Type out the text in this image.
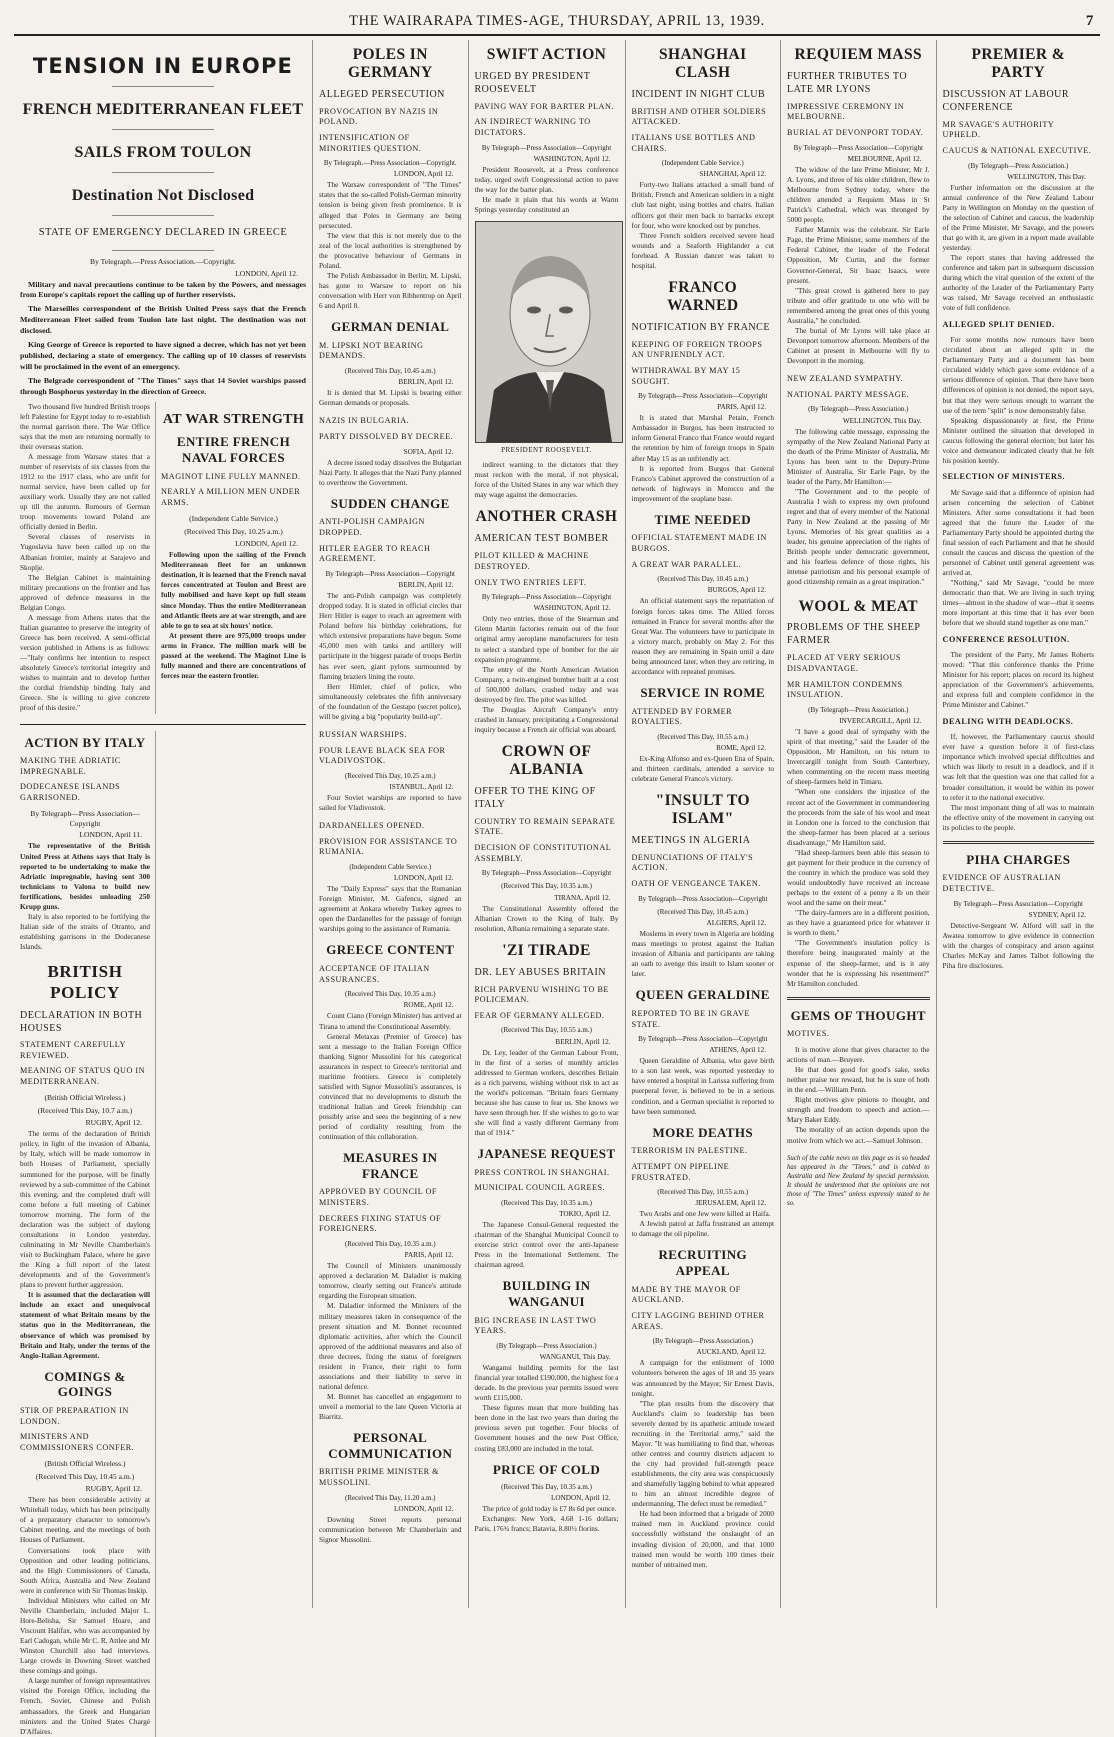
THE WAIRARAPA TIMES-AGE, THURSDAY, APRIL 13, 1939.	7
TENSION IN EUROPE
FRENCH MEDITERRANEAN FLEET
SAILS FROM TOULON
Destination Not Disclosed
STATE OF EMERGENCY DECLARED IN GREECE
By Telegraph.—Press Association.—Copyright.
LONDON, April 12.

Military and naval precautions continue to be taken by the Powers, and messages from Europe's capitals report the calling up of further reservists.

The Marseilles correspondent of the British United Press says that the French Mediterranean Fleet sailed from Toulon late last night. The destination was not disclosed.

King George of Greece is reported to have signed a decree, which has not yet been published, declaring a state of emergency. The calling up of 10 classes of reservists will be proclaimed in the event of an emergency.

The Belgrade correspondent of "The Times" says that 14 Soviet warships passed through Bosphorus yesterday in the direction of Greece.

Two thousand five hundred British troops left Palestine for Egypt today to re-establish the normal garrison there. The War Office says that the men are returning normally to their overseas station.

A message from Warsaw states that a number of reservists of six classes from the 1912 to the 1917 class, who are unfit for normal service, have been called up for auxiliary work. Usually they are not called up till the autumn. Rumours of German troop movements toward Poland are officially denied in Berlin.

Several classes of reservists in Yugoslavia have been called up on the Albanian frontier, mainly at Sarajevo and Skoplje.

The Belgian Cabinet is maintaining military precautions on the frontier and has approved of defence measures in the Belgian Congo.

A message from Athens states that the Italian guarantee to preserve the integrity of Greece has been received. A semi-official version published in Athens is as follows:—"Italy confirms her intention to respect absolutely Greece's territorial integrity and wishes to maintain and to develop further the cordial friendship binding Italy and Greece. She is willing to give concrete proof of this desire."

AT WAR STRENGTH
ENTIRE FRENCH NAVAL FORCES
MAGINOT LINE FULLY MANNED.
NEARLY A MILLION MEN UNDER ARMS.
(Independent Cable Service.)
(Received This Day, 10.25 a.m.)
LONDON, April 12.

Following upon the sailing of the French Mediterranean fleet for an unknown destination, it is learned that the French naval forces concentrated at Toulon and Brest are fully mobilised and have kept up full steam since Monday. Thus the entire Mediterranean and Atlantic fleets are at war strength, and are able to go to sea at six hours' notice.

At present there are 975,000 troops under arms in France. The million mark will be passed at the weekend. The Maginot Line is fully manned and there are concentrations of forces near the eastern frontier.

ACTION BY ITALY
MAKING THE ADRIATIC IMPREGNABLE.
DODECANESE ISLANDS GARRISONED.
By Telegraph—Press Association—Copyright
LONDON, April 11.

The representative of the British United Press at Athens says that Italy is reported to be undertaking to make the Adriatic impregnable, having sent 300 technicians to Valona to build new fortifications, besides unloading 250 Krupp guns.

Italy is also reported to be fortifying the Italian side of the straits of Otranto, and establishing garrisons in the Dodecanese Islands.

BRITISH POLICY
DECLARATION IN BOTH HOUSES
STATEMENT CAREFULLY REVIEWED.
MEANING OF STATUS QUO IN MEDITERRANEAN.
(British Official Wireless.)
(Received This Day, 10.7 a.m.)
RUGBY, April 12.

The terms of the declaration of British policy, in light of the invasion of Albania, by Italy, which will be made tomorrow in both Houses of Parliament, specially summoned for the purpose, will be finally reviewed by a sub-committee of the Cabinet this evening, and the completed draft will come before a full meeting of Cabinet tomorrow morning. The form of the declaration was the subject of daylong consultations in London yesterday, culminating in Mr Neville Chamberlain's visit to Buckingham Palace, where he gave the King a full report of the latest developments and of the Government's plans to prevent further aggression.

It is assumed that the declaration will include an exact and unequivocal statement of what Britain means by the status quo in the Mediterranean, the observance of which was promised by Britain and Italy, under the terms of the Anglo-Italian Agreement.

COMINGS & GOINGS
STIR OF PREPARATION IN LONDON.
MINISTERS AND COMMISSIONERS CONFER.
(British Official Wireless.)
(Received This Day, 10.45 a.m.)
RUGBY, April 12.

There has been considerable activity at Whitehall today, which has been principally of a preparatory character to tomorrow's Cabinet meeting, and the meetings of both Houses of Parliament.

Conversations took place with Opposition and other leading politicians, and the High Commissioners of Canada, South Africa, Australia and New Zealand were in conference with Sir Thomas Inskip.

Individual Ministers who called on Mr Neville Chamberlain, included Major L. Hore-Belisha, Sir Samuel Hoare, and Viscount Halifax, who was accompanied by Earl Cadogan, while Mr C. R. Attlee and Mr Winston Churchill also had interviews. Large crowds in Downing Street watched these comings and goings.

A large number of foreign representatives visited the Foreign Office, including the French, Soviet, Chinese and Polish ambassadors, the Greek and Hungarian ministers and the United States Chargé D'Affaires.

POLES IN GERMANY
ALLEGED PERSECUTION
PROVOCATION BY NAZIS IN POLAND.
INTENSIFICATION OF MINORITIES QUESTION.
By Telegraph.—Press Association—Copyright.
LONDON, April 12.

The Warsaw correspondent of "The Times" states that the so-called Polish-German minority tension is being given fresh prominence. It is alleged that Poles in Germany are being persecuted.

The view that this is not merely due to the zeal of the local authorities is strengthened by the provocative behaviour of Germans in Poland.

The Polish Ambassador in Berlin, M. Lipski, has gone to Warsaw to report on his conversation with Herr von Ribbentrop on April 6 and April 8.

GERMAN DENIAL
M. LIPSKI NOT BEARING DEMANDS.
(Received This Day, 10.45 a.m.)
BERLIN, April 12.

It is denied that M. Lipski is bearing either German demands or proposals.

NAZIS IN BULGARIA.
PARTY DISSOLVED BY DECREE.
SOFIA, April 12.

A decree issued today dissolves the Bulgarian Nazi Party. It alleges that the Nazi Party planned to overthrow the Government.

SUDDEN CHANGE
ANTI-POLISH CAMPAIGN DROPPED.
HITLER EAGER TO REACH AGREEMENT.
By Telegraph—Press Association—Copyright
BERLIN, April 12.

The anti-Polish campaign was completely dropped today. It is stated in official circles that Herr Hitler is eager to reach an agreement with Poland before his birthday celebrations, for which extensive preparations have begun. Some 45,000 men with tanks and artillery will participate in the biggest parade of troops Berlin has ever seen, giant pylons surmounted by flaming braziers lining the route.

Herr Himler, chief of police, who simultaneously celebrates the fifth anniversary of the foundation of the Gestapo (secret police), will be giving a big "popularity build-up".

RUSSIAN WARSHIPS.
FOUR LEAVE BLACK SEA FOR VLADIVOSTOK.
(Received This Day, 10.25 a.m.)
ISTANBUL, April 12.

Four Soviet warships are reported to have sailed for Vladivostok.

DARDANELLES OPENED.
PROVISION FOR ASSISTANCE TO RUMANIA.
(Independent Cable Service.)
LONDON, April 12.

The "Daily Express" says that the Rumanian Foreign Minister, M. Gafencu, signed an agreement at Ankara whereby Turkey agrees to open the Dardanelles for the passage of foreign warships going to the assistance of Rumania.

GREECE CONTENT
ACCEPTANCE OF ITALIAN ASSURANCES.
(Received This Day, 10.35 a.m.)
ROME, April 12.

Count Ciano (Foreign Minister) has arrived at Tirana to attend the Constitutional Assembly.

General Metaxas (Premier of Greece) has sent a message to the Italian Foreign Office thanking Signor Mussolini for his categorical assurances in respect to Greece's territorial and maritime frontiers. Greece is completely satisfied with Signor Mussolini's assurances, is convinced that no developments to disturb the traditional Italian and Greek friendship can possibly arise and sees the beginning of a new period of cordiality resulting from the continuation of this collaboration.

MEASURES IN FRANCE
APPROVED BY COUNCIL OF MINISTERS.
DECREES FIXING STATUS OF FOREIGNERS.
(Received This Day, 10.35 a.m.)
PARIS, April 12.

The Council of Ministers unanimously approved a declaration M. Daladier is making tomorrow, clearly setting out France's attitude regarding the European situation.

M. Daladier informed the Ministers of the military measures taken in consequence of the present situation and M. Bonnet recounted diplomatic activities, after which the Council approved of the additional measures and also of three decrees, fixing the status of foreigners resident in France, their right to form associations and their liability to serve in national defence.

M. Bonnet has cancelled an engagement to unveil a memorial to the late Queen Victoria at Biarritz.

PERSONAL COMMUNICATION
BRITISH PRIME MINISTER & MUSSOLINI.
(Received This Day, 11.20 a.m.)
LONDON, April 12.

Downing Street reports personal communication between Mr Chamberlain and Signor Mussolini.

SWIFT ACTION
URGED BY PRESIDENT ROOSEVELT
PAVING WAY FOR BARTER PLAN.
AN INDIRECT WARNING TO DICTATORS.
By Telegraph—Press Association—Copyright
WASHINGTON, April 12.

President Roosevelt, at a Press conference today, urged swift Congressional action to pave the way for the barter plan.

He made it plain that his words at Warm Springs yesterday constituted an

PRESIDENT ROOSEVELT.

indirect warning to the dictators that they must reckon with the moral, if not physical, force of the United States in any war which they may wage against the democracies.

ANOTHER CRASH
AMERICAN TEST BOMBER
PILOT KILLED & MACHINE DESTROYED.
ONLY TWO ENTRIES LEFT.
By Telegraph—Press Association—Copyright
WASHINGTON, April 12.

Only two entries, those of the Stearman and Glenn Martin factories remain out of the four original army aeroplane manufacturers for tests to select a standard type of bomber for the air expansion programme.

The entry of the North American Aviation Company, a twin-engined bomber built at a cost of 500,000 dollars, crashed today and was destroyed by fire. The pilot was killed.

The Douglas Aircraft Company's entry crashed in January, precipitating a Congressional inquiry because a French air official was aboard.

CROWN OF ALBANIA
OFFER TO THE KING OF ITALY
COUNTRY TO REMAIN SEPARATE STATE.
DECISION OF CONSTITUTIONAL ASSEMBLY.
By Telegraph—Press Association—Copyright
(Received This Day, 10.35 a.m.)
TIRANA, April 12.

The Constitutional Assembly offered the Albanian Crown to the King of Italy. By resolution, Albania remaining a separate state.

'ZI TIRADE
DR. LEY ABUSES BRITAIN
RICH PARVENU WISHING TO BE POLICEMAN.
FEAR OF GERMANY ALLEGED.
(Received This Day, 10.55 a.m.)
BERLIN, April 12.

Dr. Ley, leader of the German Labour Front, in the first of a series of monthly articles addressed to German workers, describes Britain as a rich parvenu, wishing without risk to act as the world's policeman. "Britain fears Germany because she has cause to fear us. She knows we have seen through her. If she wishes to go to war she will find a vastly different Germany from that of 1914."

JAPANESE REQUEST
PRESS CONTROL IN SHANGHAI.
MUNICIPAL COUNCIL AGREES.
(Received This Day, 10.35 a.m.)
TOKIO, April 12.

The Japanese Consul-General requested the chairman of the Shanghai Municipal Council to exercise strict control over the anti-Japanese Press in the International Settlement. The chairman agreed.

BUILDING IN WANGANUI
BIG INCREASE IN LAST TWO YEARS.
(By Telegraph—Press Association.)
WANGANUI, This Day.

Wanganui building permits for the last financial year totalled £190,000, the highest for a decade. In the previous year permits issued were worth £115,000.

These figures mean that more building has been done in the last two years than during the previous seven put together. Four blocks of Government houses and the new Post Office, costing £83,000 are included in the total.

PRICE OF COLD
(Received This Day, 10.35 a.m.)
LONDON, April 12.

The price of gold today is £7 8s 6d per ounce.

Exchanges: New York, 4.68 1-16 dollars; Paris, 176¾ francs; Batavia, 8.80½ florins.

SHANGHAI CLASH
INCIDENT IN NIGHT CLUB
BRITISH AND OTHER SOLDIERS ATTACKED.
ITALIANS USE BOTTLES AND CHAIRS.
(Independent Cable Service.)
SHANGHAI, April 12.

Forty-two Italians attacked a small band of British, French and American soldiers in a night club last night, using bottles and chairs. Italian officers got their men back to barracks except for four, who were knocked out by punches.

Three French soldiers received severe head wounds and a Seaforth Highlander a cut forehead. A Russian dancer was taken to hospital.

FRANCO WARNED
NOTIFICATION BY FRANCE
KEEPING OF FOREIGN TROOPS AN UNFRIENDLY ACT.
WITHDRAWAL BY MAY 15 SOUGHT.
By Telegraph—Press Association—Copyright
PARIS, April 12.

It is stated that Marshal Petain, French Ambassador in Burgos, has been instructed to inform General Franco that France would regard the retention by him of foreign troops in Spain after May 15 as an unfriendly act.

It is reported from Burgos that General Franco's Cabinet approved the construction of a network of highways in Morocco and the improvement of the seaplane base.

TIME NEEDED
OFFICIAL STATEMENT MADE IN BURGOS.
A GREAT WAR PARALLEL.
(Received This Day, 10.45 a.m.)
BURGOS, April 12.

An official statement says the repatriation of foreign forces takes time. The Allied forces remained in France for several months after the Great War. The volunteers have to participate in a victory march, probably on May 2. For this reason they are remaining in Spain until a date being announced later, when they are retiring, in accordance with repeated promises.

SERVICE IN ROME
ATTENDED BY FORMER ROYALTIES.
(Received This Day, 10.55 a.m.)
ROME, April 12.

Ex-King Alfonso and ex-Queen Ena of Spain, and thirteen cardinals, attended a service to celebrate General Franco's victory.

"INSULT TO ISLAM"
MEETINGS IN ALGERIA
DENUNCIATIONS OF ITALY'S ACTION.
OATH OF VENGEANCE TAKEN.
By Telegraph—Press Association—Copyright
(Received This Day, 10.45 a.m.)
ALGIERS, April 12.

Moslems in every town in Algeria are holding mass meetings to protest against the Italian invasion of Albania and participants are taking an oath to avenge this insult to Islam sooner or later.

QUEEN GERALDINE
REPORTED TO BE IN GRAVE STATE.
By Telegraph—Press Association—Copyright
ATHENS, April 12.

Queen Geraldine of Albania, who gave birth to a son last week, was reported yesterday to have entered a hospital in Larissa suffering from puerperal fever, is believed to be in a serious condition, and a German specialist is reported to have been summoned.

MORE DEATHS
TERRORISM IN PALESTINE.
ATTEMPT ON PIPELINE FRUSTRATED.
(Received This Day, 10.55 a.m.)
JERUSALEM, April 12.

Two Arabs and one Jew were killed at Haifa.

A Jewish patrol at Jaffa frustrated an attempt to damage the oil pipeline.

RECRUITING APPEAL
MADE BY THE MAYOR OF AUCKLAND.
CITY LAGGING BEHIND OTHER AREAS.
(By Telegraph—Press Association.)
AUCKLAND, April 12.

A campaign for the enlistment of 1000 volunteers between the ages of 18 and 35 years was announced by the Mayor, Sir Ernest Davis, tonight.

"The plan results from the discovery that Auckland's claim to leadership has been severely dented by its apathetic attitude toward recruiting in the Territorial army," said the Mayor. "It was humiliating to find that, whereas other centres and country districts adjacent to the city had provided full-strength peace establishments, the city area was conspicuously and shamefully lagging behind to what appeared to him an almost incredible degree of undermanning. The defect must be remedied."

He had been informed that a brigade of 2000 trained men in Auckland province could successfully withstand the onslaught of an invading division of 20,000, and that 1000 trained men would be worth 100 times their number of untrained men.

REQUIEM MASS
FURTHER TRIBUTES TO LATE MR LYONS
IMPRESSIVE CEREMONY IN MELBOURNE.
BURIAL AT DEVONPORT TODAY.
By Telegraph—Press Association—Copyright
MELBOURNE, April 12.

The widow of the late Prime Minister, Mr J. A. Lyons, and three of his older children, flew to Melbourne from Sydney today, where the children attended a Requiem Mass in St Patrick's Cathedral, which was thronged by 5000 people.

Father Mannix was the celebrant. Sir Earle Page, the Prime Minister, some members of the Federal Cabinet, the leader of the Federal Opposition, Mr Curtin, and the former Governor-General, Sir Isaac Isaacs, were present.

"This great crowd is gathered here to pay tribute and offer gratitude to one who will be remembered among the great ones of this young Australia," he concluded.

The burial of Mr Lyons will take place at Devonport tomorrow afternoon. Members of the Cabinet at present in Melbourne will fly to Devonport in the morning.

NEW ZEALAND SYMPATHY.
NATIONAL PARTY MESSAGE.
(By Telegraph—Press Association.)
WELLINGTON, This Day.

The following cable message, expressing the sympathy of the New Zealand National Party at the death of the Prime Minister of Australia, Mr Lyons has been sent to the Deputy-Prime Minister of Australia, Sir Earle Page, by the leader of the Party, Mr Hamilton:—

"The Government and to the people of Australia I wish to express my own profound regret and that of every member of the National Party in New Zealand at the passing of Mr Lyons. Memories of his great qualities as a leader, his genuine appreciation of the rights of British people under democratic government, and his fearless defence of those rights, his intense patriotism and his personal example of good citizenship remain as a great inspiration."

WOOL & MEAT
PROBLEMS OF THE SHEEP FARMER
PLACED AT VERY SERIOUS DISADVANTAGE.
MR HAMILTON CONDEMNS INSULATION.
(By Telegraph—Press Association.)
INVERCARGILL, April 12.

"I have a good deal of sympathy with the spirit of that meeting," said the Leader of the Opposition, Mr Hamilton, on his return to Invercargill tonight from South Canterbury, when commenting on the recent mass meeting of sheep-farmers held in Timaru.

"When one considers the injustice of the recent act of the Government in commandeering the proceeds from the sale of his wool and meat in London one is forced to the conclusion that the sheep-farmer has been placed at a serious disadvantage," Mr Hamilton said.

"Had sheep-farmers been able this season to get payment for their produce in the currency of the country in which the produce was sold they would undoubtedly have received an increase perhaps to the extent of a penny a lb on their wool and the same on their meat."

"The dairy-farmers are in a different position, as they have a guaranteed price for whatever it is worth to them."

"The Government's insulation policy is therefore being inaugurated mainly at the expense of the sheep-farmer, and is it any wonder that he is expressing his resentment?" Mr Hamilton concluded.

GEMS OF THOUGHT
MOTIVES.

It is motive alone that gives character to the actions of man.—Bruyere.

He that does good for good's sake, seeks neither praise nor reward, but he is sure of both in the end.—William Penn.

Right motives give pinions to thought, and strength and freedom to speech and action.—Mary Baker Eddy.

The morality of an action depends upon the motive from which we act.—Samuel Johnson.

Such of the cable news on this page as is so headed has appeared in the "Times," and is cabled to Australia and New Zealand by special permission. It should be understood that the opinions are not those of "The Times" unless expressly stated to be so.
PREMIER & PARTY
DISCUSSION AT LABOUR CONFERENCE
MR SAVAGE'S AUTHORITY UPHELD.
CAUCUS & NATIONAL EXECUTIVE.
(By Telegraph—Press Association.)
WELLINGTON, This Day.

Further information on the discussion at the annual conference of the New Zealand Labour Party in Wellington on Monday on the question of the selection of Cabinet and caucus, the leadership of the Prime Minister, Mr Savage, and the powers that go with it, are given in a report made available yesterday.

The report states that having addressed the conference and taken part in subsequent discussion during which the vital question of the extent of the authority of the Leader of the Parliamentary Party was raised, Mr Savage received an enthusiastic vote of full confidence.

ALLEGED SPLIT DENIED.

For some months now rumours have been circulated about an alleged split in the Parliamentary Party and a document has been circulated widely which gave some evidence of a serious difference of opinion. That there have been differences of opinion is not denied, the report says, but that they were serious enough to warrant the use of the term "split" is now demonstrably false.

Speaking dispassionately at first, the Prime Minister outlined the situation that developed in caucus following the general election; but later his voice and demeanour indicated clearly that he felt his position keenly.

SELECTION OF MINISTERS.

Mr Savage said that a difference of opinion had arisen concerning the selection of Cabinet Ministers. After some consultations it had been agreed that the future the Leader of the Parliamentary Party should be appointed during the final session of each Parliament and that he should consult the caucus and discuss the question of the personnel of Cabinet until general agreement was arrived at.

"Nothing," said Mr Savage, "could be more democratic than that. We are living in such trying times—almost in the shadow of war—that it seems more important at this time that it has ever been before that we should stand together as one man."

CONFERENCE RESOLUTION.

The president of the Party, Mr James Roberts moved: "That this conference thanks the Prime Minister for his report; places on record its highest appreciation of the Government's achievements, and express full and complete confidence in the Prime Minister and Cabinet."

DEALING WITH DEADLOCKS.

If, however, the Parliamentary caucus should ever have a question before it of first-class importance which involved special difficulties and which was likely to result in a deadlock, and if it was felt that the question was one that called for a broader consultation, it would be within its power to refer it to the national executive.

The most important thing of all was to maintain the effective unity of the movement in carrying out its policies to the people.

PIHA CHARGES
EVIDENCE OF AUSTRALIAN DETECTIVE.
By Telegraph—Press Association—Copyright
SYDNEY, April 12.

Detective-Sergeant W. Alford will sail in the Awatea tomorrow to give evidence in connection with the charges of conspiracy and arson against Charles McKay and James Talbot following the Piha fire disclosures.
